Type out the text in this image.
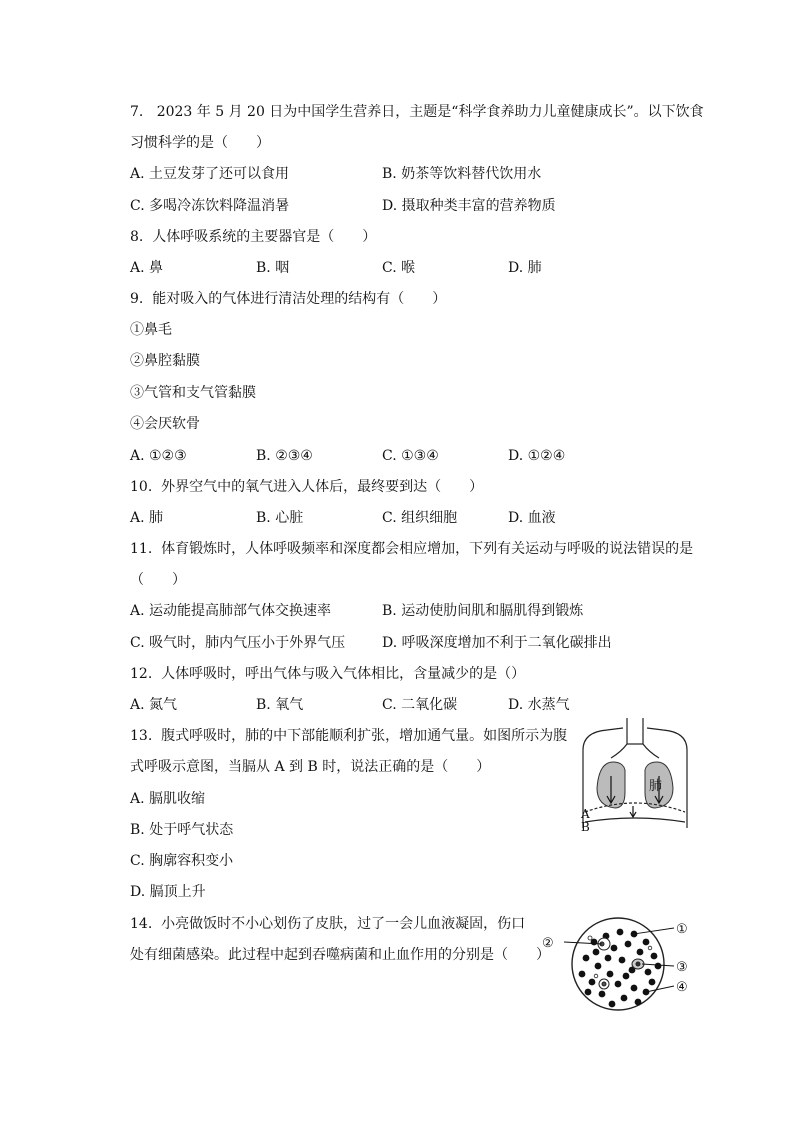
7.   2023 年 5 月 20 日为中国学生营养日，主题是“科学食养助力儿童健康成长”。以下饮食
习惯科学的是（　　）
A. 土豆发芽了还可以食用	B. 奶茶等饮料替代饮用水
C. 多喝冷冻饮料降温消暑	D. 摄取种类丰富的营养物质
8.  人体呼吸系统的主要器官是（　　）
A. 鼻	B. 咽	C. 喉	D. 肺
9.  能对吸入的气体进行清洁处理的结构有（　　）
①鼻毛
②鼻腔黏膜
③气管和支气管黏膜
④会厌软骨
A. ①②③	B. ②③④	C. ①③④	D. ①②④
10.  外界空气中的氧气进入人体后，最终要到达（　　）
A. 肺	B. 心脏	C. 组织细胞	D. 血液
11.  体育锻炼时，人体呼吸频率和深度都会相应增加，下列有关运动与呼吸的说法错误的是
（　　）
A. 运动能提高肺部气体交换速率	B. 运动使肋间肌和膈肌得到锻炼
C. 吸气时，肺内气压小于外界气压	D. 呼吸深度增加不利于二氧化碳排出
12.  人体呼吸时，呼出气体与吸入气体相比，含量减少的是（）
A. 氮气	B. 氧气	C. 二氧化碳	D. 水蒸气
13.  腹式呼吸时，肺的中下部能顺利扩张，增加通气量。如图所示为腹
式呼吸示意图，当膈从 A 到 B 时，说法正确的是（　　）
A. 膈肌收缩
B. 处于呼气状态
C. 胸廓容积变小
D. 膈顶上升
肺
A
B
14.  小亮做饭时不小心划伤了皮肤，过了一会儿血液凝固，伤口
处有细菌感染。此过程中起到吞噬病菌和止血作用的分别是（　　）
①
②
③
④
